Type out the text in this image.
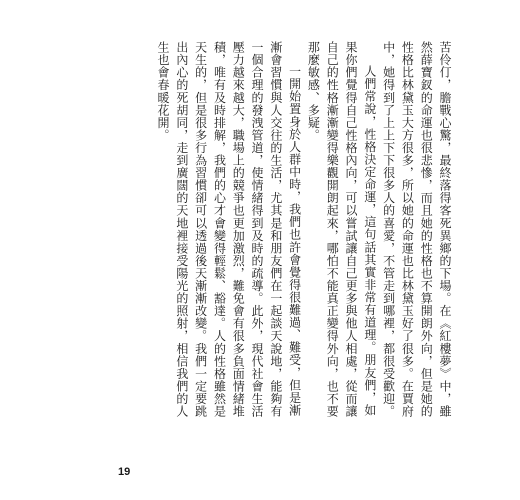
苦伶仃，膽戰心驚，最終落得客死異鄉的下場。在《紅樓夢》中，雖然薛寶釵的命運也很悲慘，而且她的性格也不算開朗外向，但是她的性格比林黛玉大方很多，所以她的命運也比林黛玉好了很多。在賈府中，她得到了上上下下很多人的喜愛，不管走到哪裡，都很受歡迎。

人們常說，性格決定命運，這句話其實非常有道理。朋友們，如果你們覺得自己性格內向，可以嘗試讓自己更多與他人相處，從而讓自己的性格漸漸變得樂觀開朗起來，哪怕不能真正變得外向，也不要那麼敏感、多疑。

一開始置身於人群中時，我們也許會覺得很難過、難受，但是漸漸會習慣與人交往的生活，尤其是和朋友們在一起談天說地，能夠有一個合理的發洩管道，使情緒得到及時的疏導。此外，現代社會生活壓力越來越大，職場上的競爭也更加激烈，難免會有很多負面情緒堆積，唯有及時排解，我們的心才會變得輕鬆、豁達。人的性格雖然是天生的，但是很多行為習慣卻可以透過後天漸漸改變。我們一定要跳出內心的死胡同，走到廣闊的天地裡接受陽光的照射，相信我們的人生也會春暖花開。

19
